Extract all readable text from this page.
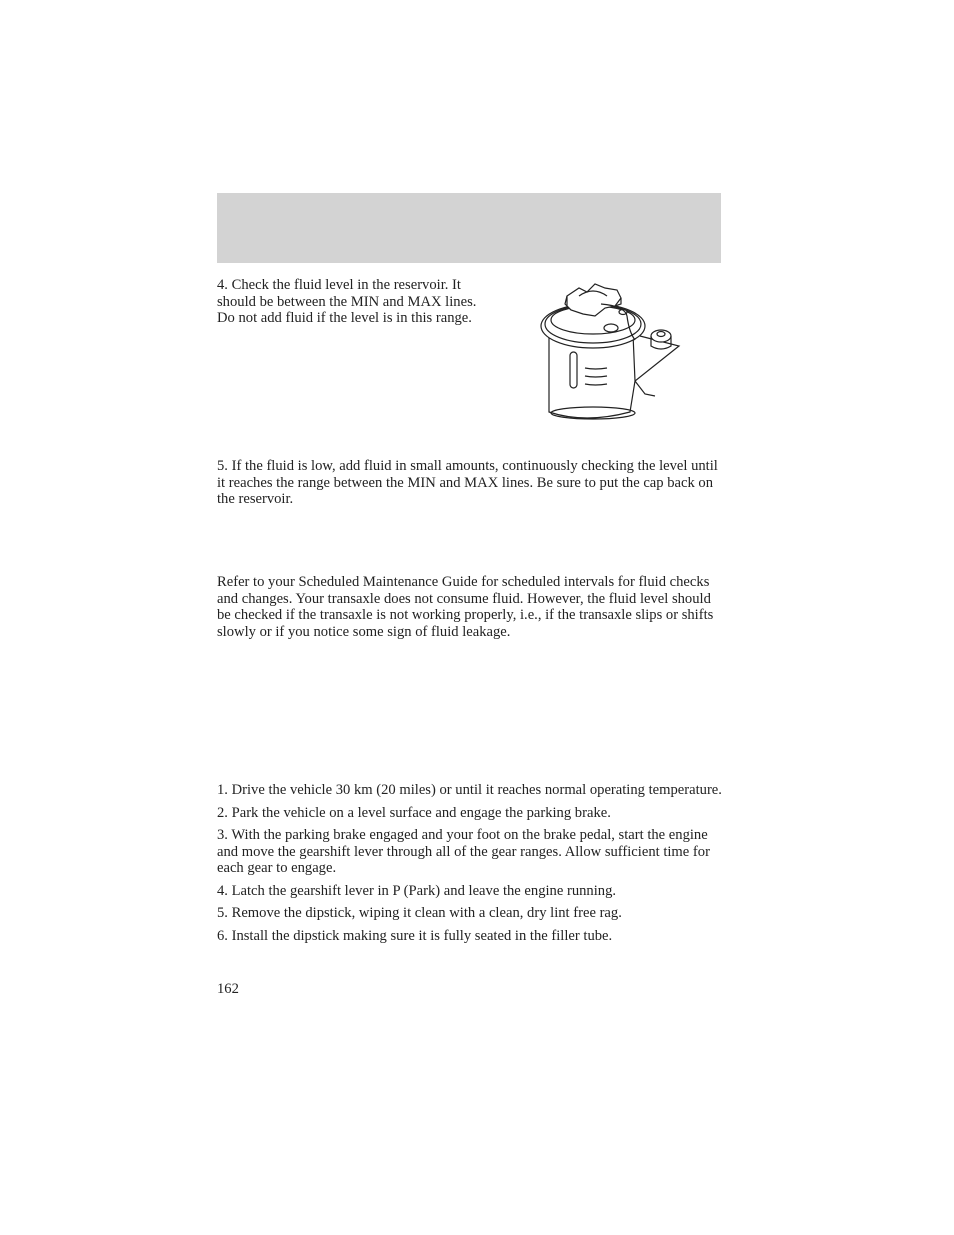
4. Check the fluid level in the reservoir. It should be between the MIN and MAX lines. Do not add fluid if the level is in this range.

5. If the fluid is low, add fluid in small amounts, continuously checking the level until it reaches the range between the MIN and MAX lines. Be sure to put the cap back on the reservoir.

Refer to your Scheduled Maintenance Guide for scheduled intervals for fluid checks and changes. Your transaxle does not consume fluid. However, the fluid level should be checked if the transaxle is not working properly, i.e., if the transaxle slips or shifts slowly or if you notice some sign of fluid leakage.

1. Drive the vehicle 30 km (20 miles) or until it reaches normal operating temperature.
2. Park the vehicle on a level surface and engage the parking brake.
3. With the parking brake engaged and your foot on the brake pedal, start the engine and move the gearshift lever through all of the gear ranges. Allow sufficient time for each gear to engage.
4. Latch the gearshift lever in P (Park) and leave the engine running.
5. Remove the dipstick, wiping it clean with a clean, dry lint free rag.
6. Install the dipstick making sure it is fully seated in the filler tube.

162
